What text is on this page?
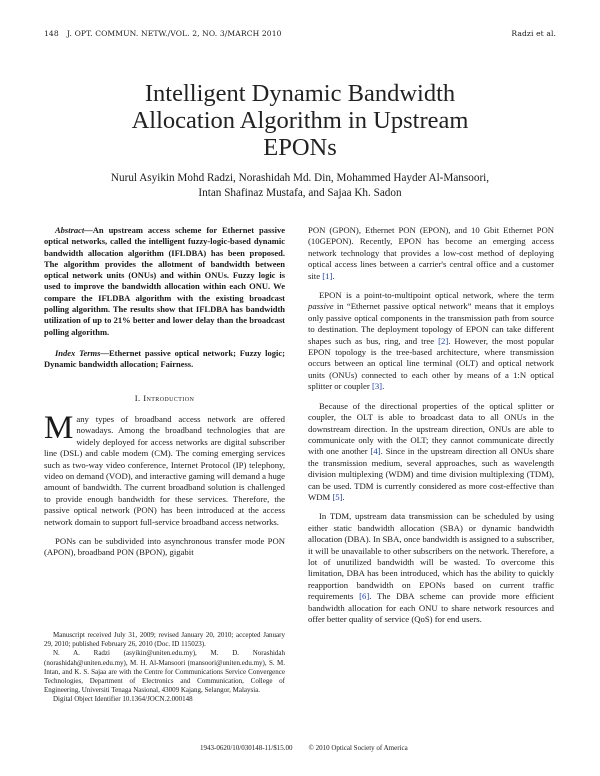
148 J. OPT. COMMUN. NETW./VOL. 2, NO. 3/MARCH 2010	Radzi et al.
Intelligent Dynamic Bandwidth
Allocation Algorithm in Upstream
EPONs
Nurul Asyikin Mohd Radzi, Norashidah Md. Din, Mohammed Hayder Al-Mansoori,
Intan Shafinaz Mustafa, and Sajaa Kh. Sadon

Abstract—An upstream access scheme for Ethernet passive optical networks, called the intelligent fuzzy-logic-based dynamic bandwidth allocation algorithm (IFLDBA) has been proposed. The algorithm provides the allotment of bandwidth between optical network units (ONUs) and within ONUs. Fuzzy logic is used to improve the bandwidth allocation within each ONU. We compare the IFLDBA algorithm with the existing broadcast polling algorithm. The results show that IFLDBA has bandwidth utilization of up to 21% better and lower delay than the broadcast polling algorithm.

Index Terms—Ethernet passive optical network; Fuzzy logic; Dynamic bandwidth allocation; Fairness.

I. Introduction

Many types of broadband access network are offered nowadays. Among the broadband technologies that are widely deployed for access networks are digital subscriber line (DSL) and cable modem (CM). The coming emerging services such as two-way video conference, Internet Protocol (IP) telephony, video on demand (VOD), and interactive gaming will demand a huge amount of bandwidth. The current broadband solution is challenged to provide enough bandwidth for these services. Therefore, the passive optical network (PON) has been introduced at the access network domain to support full-service broadband access networks.

PONs can be subdivided into asynchronous transfer mode PON (APON), broadband PON (BPON), gigabit

PON (GPON), Ethernet PON (EPON), and 10 Gbit Ethernet PON (10GEPON). Recently, EPON has become an emerging access network technology that provides a low-cost method of deploying optical access lines between a carrier's central office and a customer site [1].

EPON is a point-to-multipoint optical network, where the term passive in “Ethernet passive optical network” means that it employs only passive optical components in the transmission path from source to destination. The deployment topology of EPON can take different shapes such as bus, ring, and tree [2]. However, the most popular EPON topology is the tree-based architecture, where transmission occurs between an optical line terminal (OLT) and optical network units (ONUs) connected to each other by means of a 1:N optical splitter or coupler [3].

Because of the directional properties of the optical splitter or coupler, the OLT is able to broadcast data to all ONUs in the downstream direction. In the upstream direction, ONUs are able to communicate only with the OLT; they cannot communicate directly with one another [4]. Since in the upstream direction all ONUs share the transmission medium, several approaches, such as wavelength division multiplexing (WDM) and time division multiplexing (TDM), can be used. TDM is currently considered as more cost-effective than WDM [5].

In TDM, upstream data transmission can be scheduled by using either static bandwidth allocation (SBA) or dynamic bandwidth allocation (DBA). In SBA, once bandwidth is assigned to a subscriber, it will be unavailable to other subscribers on the network. Therefore, a lot of unutilized bandwidth will be wasted. To overcome this limitation, DBA has been introduced, which has the ability to quickly reapportion bandwidth on EPONs based on current traffic requirements [6]. The DBA scheme can provide more efficient bandwidth allocation for each ONU to share network resources and offer better quality of service (QoS) for end users.

Manuscript received July 31, 2009; revised January 20, 2010; accepted January 29, 2010; published February 26, 2010 (Doc. ID 115023).

N. A. Radzi (asyikin@uniten.edu.my), M. D. Norashidah (norashidah@uniten.edu.my), M. H. Al-Mansoori (mansoori@uniten.edu.my), S. M. Intan, and K. S. Sajaa are with the Centre for Communications Service Convergence Technologies, Department of Electronics and Communication, College of Engineering, Universiti Tenaga Nasional, 43009 Kajang, Selangor, Malaysia.

Digital Object Identifier 10.1364/JOCN.2.000148

1943-0620/10/030148-11/$15.00 © 2010 Optical Society of America
